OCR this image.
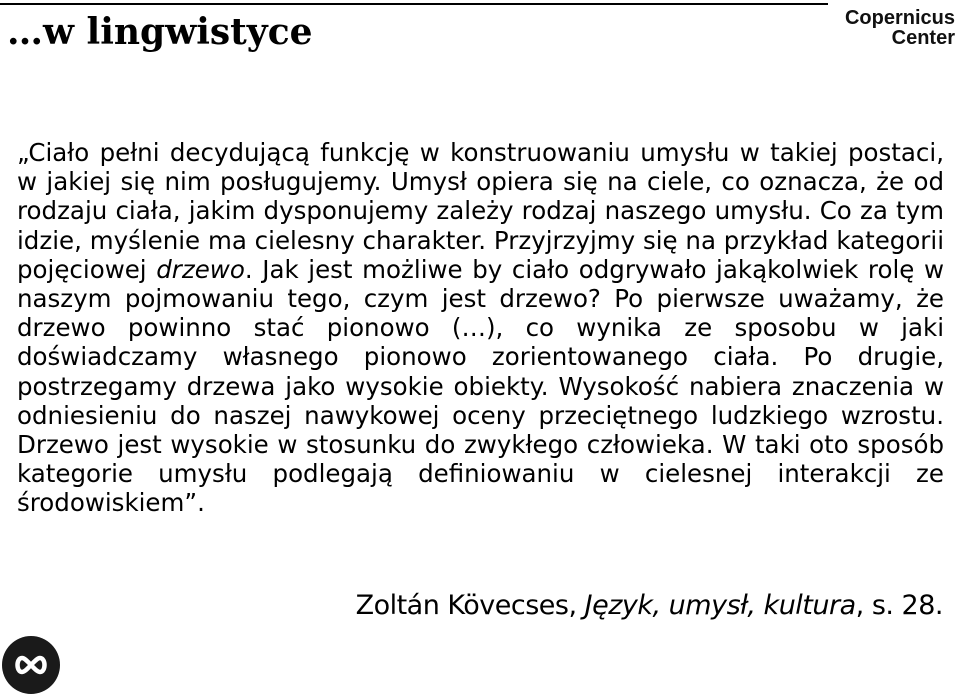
…w lingwistyce	Copernicus
Center

„Ciało pełni decydującą funkcję w konstruowaniu umysłu w takiej postaci, w jakiej się nim posługujemy. Umysł opiera się na ciele, co oznacza, że od rodzaju ciała, jakim dysponujemy zależy rodzaj naszego umysłu. Co za tym idzie, myślenie ma cielesny charakter. Przyjrzyjmy się na przykład kategorii pojęciowej drzewo. Jak jest możliwe by ciało odgrywało jakąkolwiek rolę w naszym pojmowaniu tego, czym jest drzewo? Po pierwsze uważamy, że drzewo powinno stać pionowo (…), co wynika ze sposobu w jaki doświadczamy własnego pionowo zorientowanego ciała. Po drugie, postrzegamy drzewa jako wysokie obiekty. Wysokość nabiera znaczenia w odniesieniu do naszej nawykowej oceny przeciętnego ludzkiego wzrostu. Drzewo jest wysokie w stosunku do zwykłego człowieka. W taki oto sposób kategorie umysłu podlegają definiowaniu w cielesnej interakcji ze środowiskiem”.

Zoltán Kövecses, Język, umysł, kultura, s. 28.
